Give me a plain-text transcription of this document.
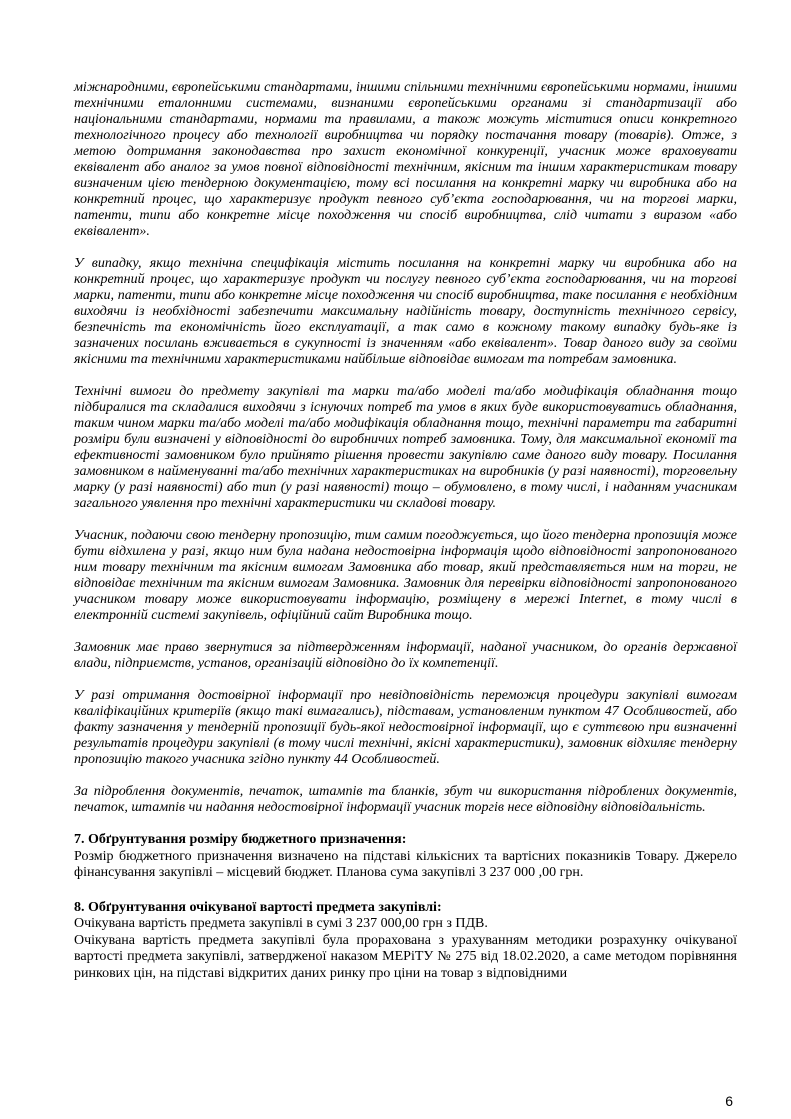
міжнародними, європейськими стандартами, іншими спільними технічними європейськими нормами, іншими технічними еталонними системами, визнаними європейськими органами зі стандартизації або національними стандартами, нормами та правилами, а також можуть міститися описи конкретного технологічного процесу або технології виробництва чи порядку постачання товару (товарів). Отже, з метою дотримання законодавства про захист економічної конкуренції, учасник може враховувати еквівалент або аналог за умов повної відповідності технічним, якісним та іншим характеристикам товару визначеним цією тендерною документацією, тому всі посилання на конкретні марку чи виробника або на конкретний процес, що характеризує продукт певного суб’єкта господарювання, чи на торгові марки, патенти, типи або конкретне місце походження чи спосіб виробництва, слід читати з виразом «або еквівалент».

У випадку, якщо технічна специфікація містить посилання на конкретні марку чи виробника або на конкретний процес, що характеризує продукт чи послугу певного суб’єкта господарювання, чи на торгові марки, патенти, типи або конкретне місце походження чи спосіб виробництва, таке посилання є необхідним виходячи із необхідності забезпечити максимальну надійність товару, доступність технічного сервісу, безпечність та економічність його експлуатації, а так само в кожному такому випадку будь-яке із зазначених посилань вживається в сукупності із значенням «або еквівалент». Товар даного виду за своїми якісними та технічними характеристиками найбільше відповідає вимогам та потребам замовника.

Технічні вимоги до предмету закупівлі та марки та/або моделі та/або модифікація обладнання тощо підбиралися та складалися виходячи з існуючих потреб та умов в яких буде використовуватись обладнання, таким чином марки та/або моделі та/або модифікація обладнання тощо, технічні параметри та габаритні розміри були визначені у відповідності до виробничих потреб замовника. Тому, для максимальної економії та ефективності замовником було прийнято рішення провести закупівлю саме даного виду товару. Посилання замовником в найменуванні та/або технічних характеристиках на виробників (у разі наявності), торговельну марку (у разі наявності) або тип (у разі наявності) тощо – обумовлено, в тому числі, і наданням учасникам загального уявлення про технічні характеристики чи складові товару.

Учасник, подаючи свою тендерну пропозицію, тим самим погоджується, що його тендерна пропозиція може бути відхилена у разі, якщо ним була надана недостовірна інформація щодо відповідності запропонованого ним товару технічним та якісним вимогам Замовника або товар, який представляється ним на торги, не відповідає технічним та якісним вимогам Замовника. Замовник для перевірки відповідності запропонованого учасником товару може використовувати інформацію, розміщену в мережі Internet, в тому числі в електронній системі закупівель, офіційний сайт Виробника тощо.

Замовник має право звернутися за підтвердженням інформації, наданої учасником, до органів державної влади, підприємств, установ, організацій відповідно до їх компетенції.

У разі отримання достовірної інформації про невідповідність переможця процедури закупівлі вимогам кваліфікаційних критеріїв (якщо такі вимагались), підставам, установленим пунктом 47 Особливостей, або факту зазначення у тендерній пропозиції будь-якої недостовірної інформації, що є суттєвою при визначенні результатів процедури закупівлі (в тому числі технічні, якісні характеристики), замовник відхиляє тендерну пропозицію такого учасника згідно пункту 44 Особливостей.

За підроблення документів, печаток, штампів та бланків, збут чи використання підроблених документів, печаток, штампів чи надання недостовірної інформації учасник торгів несе відповідну відповідальність.

7. Обґрунтування розміру бюджетного призначення:

Розмір бюджетного призначення визначено на підставі кількісних та вартісних показників Товару. Джерело фінансування закупівлі – місцевий бюджет. Планова сума закупівлі 3 237 000 ,00 грн.

8. Обґрунтування очікуваної вартості предмета закупівлі:

Очікувана вартість предмета закупівлі в сумі 3 237 000,00 грн з ПДВ.

Очікувана вартість предмета закупівлі була прорахована з урахуванням методики розрахунку очікуваної вартості предмета закупівлі, затвердженої наказом МЕРіТУ № 275 від 18.02.2020, а саме методом порівняння ринкових цін, на підставі відкритих даних ринку про ціни на товар з відповідними

6
